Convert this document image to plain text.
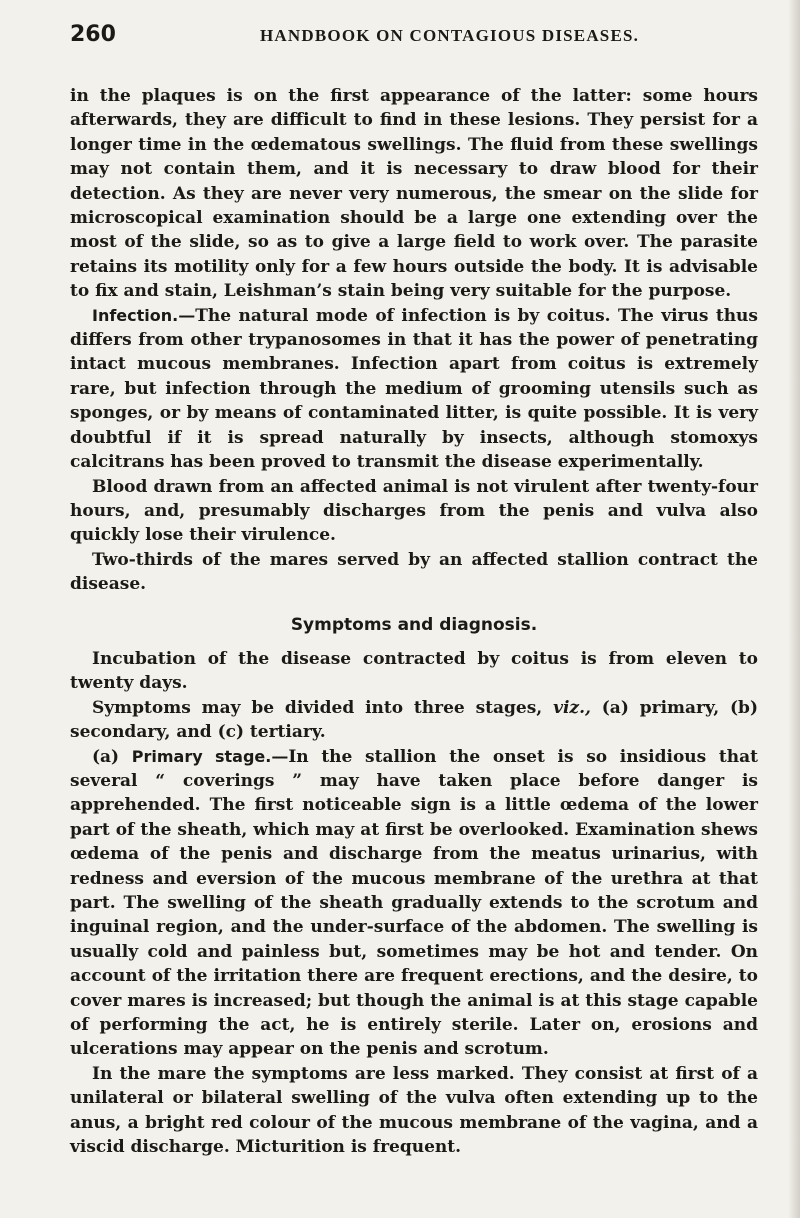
260	HANDBOOK ON CONTAGIOUS DISEASES.

in the plaques is on the first appearance of the latter: some hours afterwards, they are difficult to find in these lesions. They persist for a longer time in the œdematous swellings. The fluid from these swellings may not contain them, and it is necessary to draw blood for their detection. As they are never very numerous, the smear on the slide for microscopical examination should be a large one extending over the most of the slide, so as to give a large field to work over. The parasite retains its motility only for a few hours outside the body. It is advisable to fix and stain, Leishman’s stain being very suitable for the purpose.

Infection.—The natural mode of infection is by coitus. The virus thus differs from other trypanosomes in that it has the power of penetrating intact mucous membranes. Infection apart from coitus is extremely rare, but infection through the medium of grooming utensils such as sponges, or by means of contaminated litter, is quite possible. It is very doubtful if it is spread naturally by insects, although stomoxys calcitrans has been proved to transmit the disease experimentally.

Blood drawn from an affected animal is not virulent after twenty-four hours, and, presumably discharges from the penis and vulva also quickly lose their virulence.

Two-thirds of the mares served by an affected stallion contract the disease.

Symptoms and diagnosis.

Incubation of the disease contracted by coitus is from eleven to twenty days.

Symptoms may be divided into three stages, viz., (a) primary, (b) secondary, and (c) tertiary.

(a) Primary stage.—In the stallion the onset is so insidious that several “ coverings ” may have taken place before danger is apprehended. The first noticeable sign is a little œdema of the lower part of the sheath, which may at first be overlooked. Examination shews œdema of the penis and discharge from the meatus urinarius, with redness and eversion of the mucous membrane of the urethra at that part. The swelling of the sheath gradually extends to the scrotum and inguinal region, and the under-surface of the abdomen. The swelling is usually cold and painless but, sometimes may be hot and tender. On account of the irritation there are frequent erections, and the desire, to cover mares is increased; but though the animal is at this stage capable of performing the act, he is entirely sterile. Later on, erosions and ulcerations may appear on the penis and scrotum.

In the mare the symptoms are less marked. They consist at first of a unilateral or bilateral swelling of the vulva often extending up to the anus, a bright red colour of the mucous membrane of the vagina, and a viscid discharge. Micturition is frequent.
